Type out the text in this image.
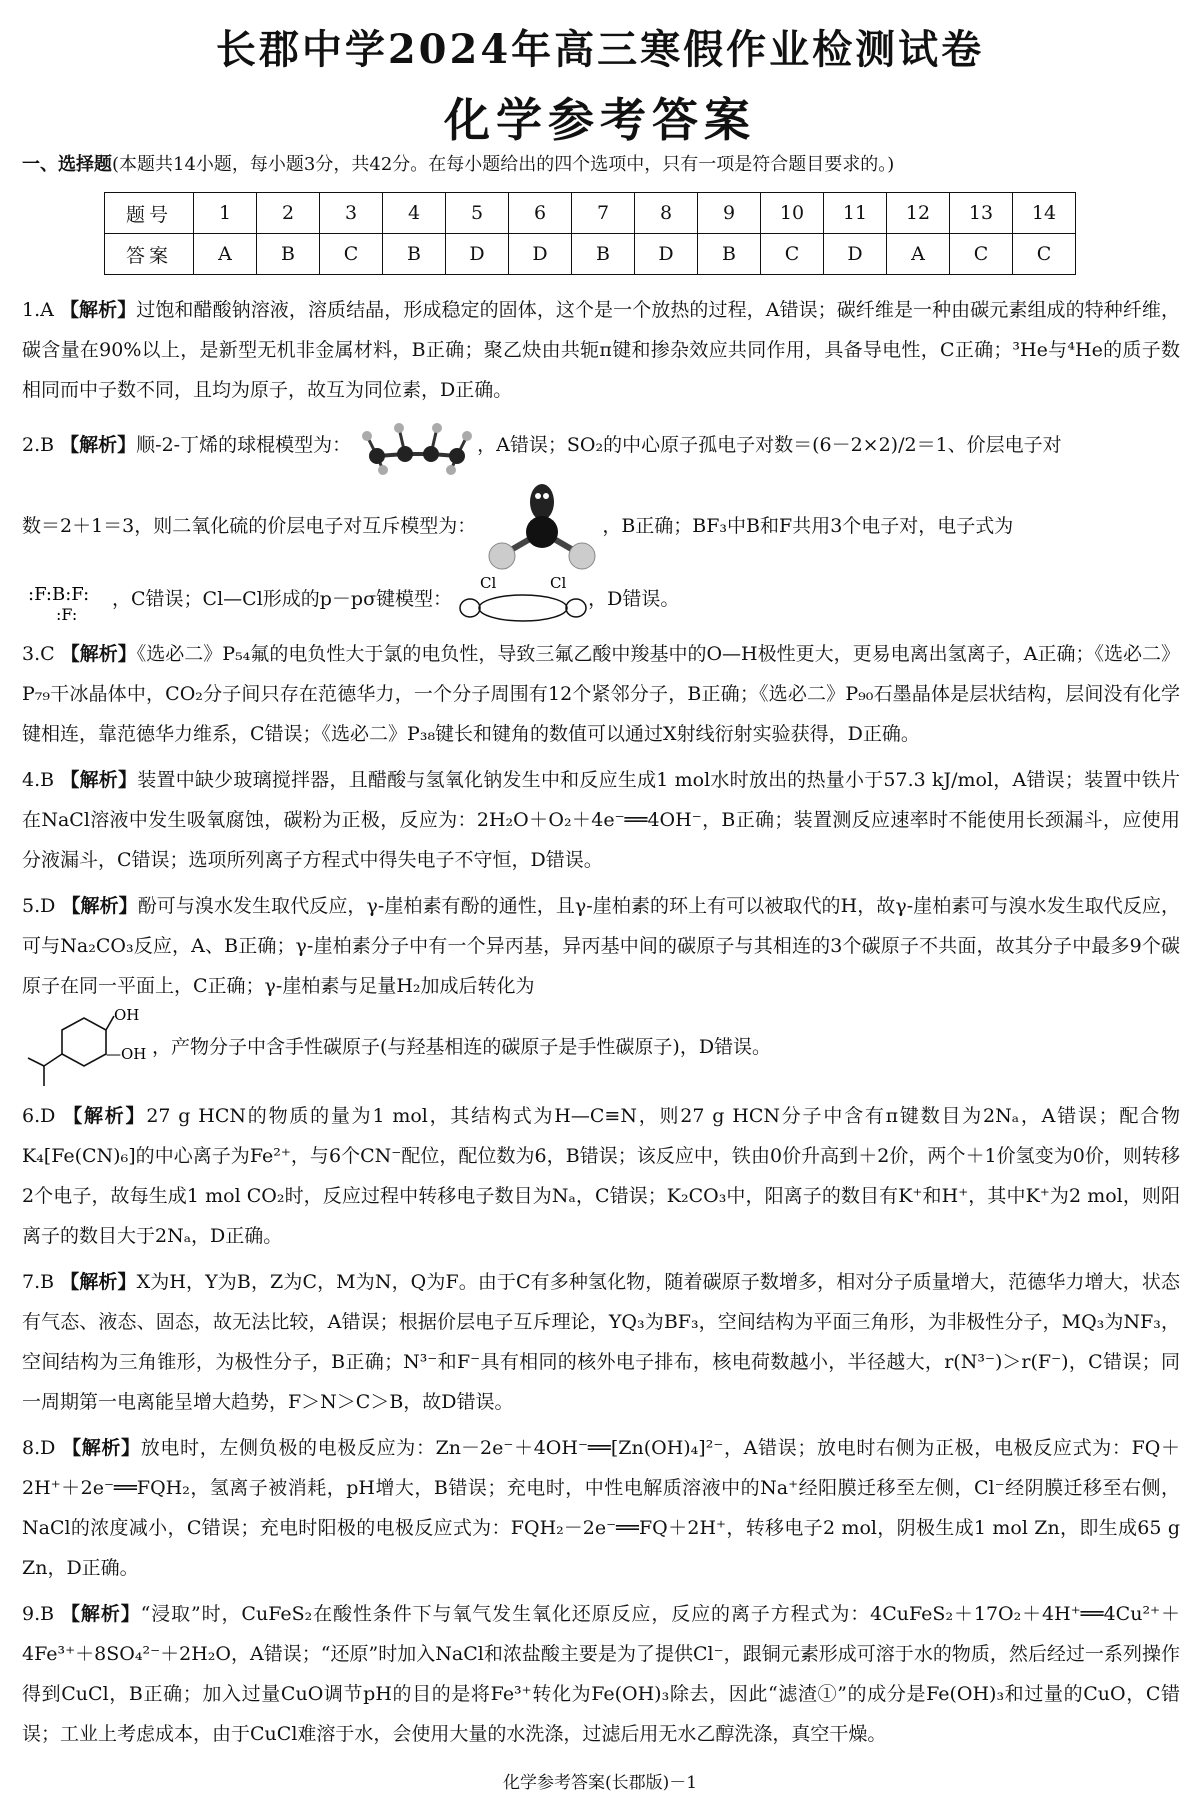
长郡中学2024年高三寒假作业检测试卷
化学参考答案
一、选择题(本题共14小题，每小题3分，共42分。在每小题给出的四个选项中，只有一项是符合题目要求的。)
题号	1	2	3	4	5	6	7	8	9	10	11	12	13	14
答案	A	B	C	B	D	D	B	D	B	C	D	A	C	C
1.A 【解析】过饱和醋酸钠溶液，溶质结晶，形成稳定的固体，这个是一个放热的过程，A错误；碳纤维是一种由碳元素组成的特种纤维，碳含量在90%以上，是新型无机非金属材料，B正确；聚乙炔由共轭π键和掺杂效应共同作用，具备导电性，C正确；³He与⁴He的质子数相同而中子数不同，且均为原子，故互为同位素，D正确。
2.B 【解析】顺-2-丁烯的球棍模型为：	，A错误；SO₂的中心原子孤电子对数＝(6－2×2)/2＝1、价层电子对
数＝2＋1＝3，则二氧化硫的价层电子对互斥模型为：	，B正确；BF₃中B和F共用3个电子对，电子式为
:F:B:F:
:F:
，C错误；Cl—Cl形成的p－pσ键模型：
Cl	Cl
，D错误。
3.C 【解析】《选必二》P₅₄氟的电负性大于氯的电负性，导致三氟乙酸中羧基中的O—H极性更大，更易电离出氢离子，A正确；《选必二》P₇₉干冰晶体中，CO₂分子间只存在范德华力，一个分子周围有12个紧邻分子，B正确；《选必二》P₉₀石墨晶体是层状结构，层间没有化学键相连，靠范德华力维系，C错误；《选必二》P₃₈键长和键角的数值可以通过X射线衍射实验获得，D正确。
4.B 【解析】装置中缺少玻璃搅拌器，且醋酸与氢氧化钠发生中和反应生成1 mol水时放出的热量小于57.3 kJ/mol，A错误；装置中铁片在NaCl溶液中发生吸氧腐蚀，碳粉为正极，反应为：2H₂O＋O₂＋4e⁻══4OH⁻，B正确；装置测反应速率时不能使用长颈漏斗，应使用分液漏斗，C错误；选项所列离子方程式中得失电子不守恒，D错误。
5.D 【解析】酚可与溴水发生取代反应，γ-崖柏素有酚的通性，且γ-崖柏素的环上有可以被取代的H，故γ-崖柏素可与溴水发生取代反应，可与Na₂CO₃反应，A、B正确；γ-崖柏素分子中有一个异丙基，异丙基中间的碳原子与其相连的3个碳原子不共面，故其分子中最多9个碳原子在同一平面上，C正确；γ-崖柏素与足量H₂加成后转化为
OH
—OH ，产物分子中含手性碳原子(与羟基相连的碳原子是手性碳原子)，D错误。
6.D 【解析】27 g HCN的物质的量为1 mol，其结构式为H—C≡N，则27 g HCN分子中含有π键数目为2Nₐ，A错误；配合物K₄[Fe(CN)₆]的中心离子为Fe²⁺，与6个CN⁻配位，配位数为6，B错误；该反应中，铁由0价升高到＋2价，两个＋1价氢变为0价，则转移2个电子，故每生成1 mol CO₂时，反应过程中转移电子数目为Nₐ，C错误；K₂CO₃中，阳离子的数目有K⁺和H⁺，其中K⁺为2 mol，则阳离子的数目大于2Nₐ，D正确。
7.B 【解析】X为H，Y为B，Z为C，M为N，Q为F。由于C有多种氢化物，随着碳原子数增多，相对分子质量增大，范德华力增大，状态有气态、液态、固态，故无法比较，A错误；根据价层电子互斥理论，YQ₃为BF₃，空间结构为平面三角形，为非极性分子，MQ₃为NF₃，空间结构为三角锥形，为极性分子，B正确；N³⁻和F⁻具有相同的核外电子排布，核电荷数越小，半径越大，r(N³⁻)＞r(F⁻)，C错误；同一周期第一电离能呈增大趋势，F＞N＞C＞B，故D错误。
8.D 【解析】放电时，左侧负极的电极反应为：Zn－2e⁻＋4OH⁻══[Zn(OH)₄]²⁻，A错误；放电时右侧为正极，电极反应式为：FQ＋2H⁺＋2e⁻══FQH₂，氢离子被消耗，pH增大，B错误；充电时，中性电解质溶液中的Na⁺经阳膜迁移至左侧，Cl⁻经阴膜迁移至右侧，NaCl的浓度减小，C错误；充电时阳极的电极反应式为：FQH₂－2e⁻══FQ＋2H⁺，转移电子2 mol，阴极生成1 mol Zn，即生成65 g Zn，D正确。
9.B 【解析】“浸取”时，CuFeS₂在酸性条件下与氧气发生氧化还原反应，反应的离子方程式为：4CuFeS₂＋17O₂＋4H⁺══4Cu²⁺＋4Fe³⁺＋8SO₄²⁻＋2H₂O，A错误；“还原”时加入NaCl和浓盐酸主要是为了提供Cl⁻，跟铜元素形成可溶于水的物质，然后经过一系列操作得到CuCl，B正确；加入过量CuO调节pH的目的是将Fe³⁺转化为Fe(OH)₃除去，因此“滤渣①”的成分是Fe(OH)₃和过量的CuO，C错误；工业上考虑成本，由于CuCl难溶于水，会使用大量的水洗涤，过滤后用无水乙醇洗涤，真空干燥。
化学参考答案(长郡版)－1
